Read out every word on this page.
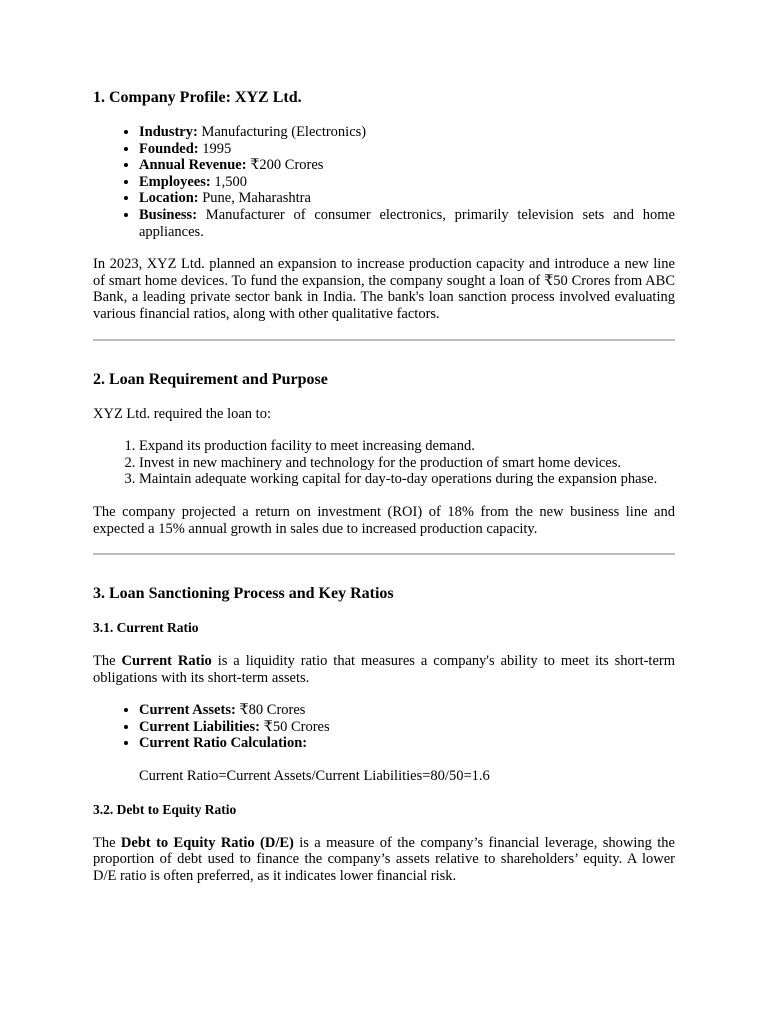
1. Company Profile: XYZ Ltd.
• Industry: Manufacturing (Electronics)
• Founded: 1995
• Annual Revenue: ₹200 Crores
• Employees: 1,500
• Location: Pune, Maharashtra
• Business: Manufacturer of consumer electronics, primarily television sets and home appliances.

In 2023, XYZ Ltd. planned an expansion to increase production capacity and introduce a new line of smart home devices. To fund the expansion, the company sought a loan of ₹50 Crores from ABC Bank, a leading private sector bank in India. The bank's loan sanction process involved evaluating various financial ratios, along with other qualitative factors.

2. Loan Requirement and Purpose

XYZ Ltd. required the loan to:

1. Expand its production facility to meet increasing demand.
2. Invest in new machinery and technology for the production of smart home devices.
3. Maintain adequate working capital for day-to-day operations during the expansion phase.

The company projected a return on investment (ROI) of 18% from the new business line and expected a 15% annual growth in sales due to increased production capacity.

3. Loan Sanctioning Process and Key Ratios
3.1. Current Ratio

The Current Ratio is a liquidity ratio that measures a company's ability to meet its short-term obligations with its short-term assets.

• Current Assets: ₹80 Crores
• Current Liabilities: ₹50 Crores
• Current Ratio Calculation:
Current Ratio=Current Assets/Current Liabilities=80/50=1.6
3.2. Debt to Equity Ratio

The Debt to Equity Ratio (D/E) is a measure of the company’s financial leverage, showing the proportion of debt used to finance the company’s assets relative to shareholders’ equity. A lower D/E ratio is often preferred, as it indicates lower financial risk.
